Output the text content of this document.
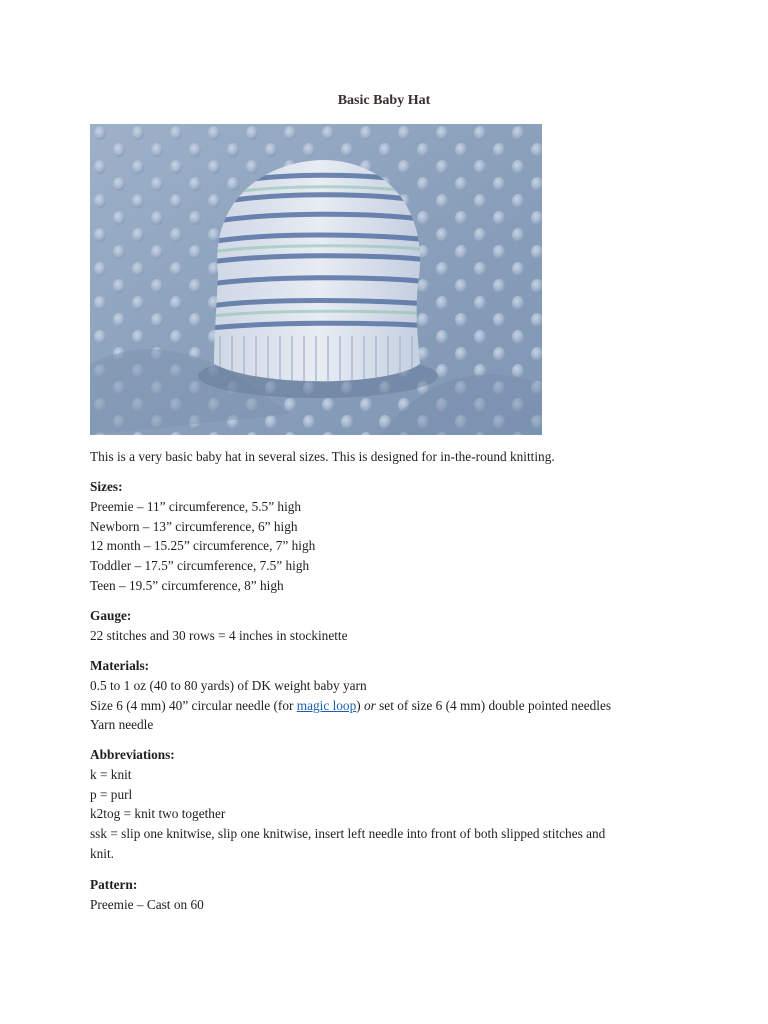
Basic Baby Hat

This is a very basic baby hat in several sizes. This is designed for in-the-round knitting.

Sizes:

Preemie – 11” circumference, 5.5” high

Newborn – 13” circumference, 6” high

12 month – 15.25” circumference, 7” high

Toddler – 17.5” circumference, 7.5” high

Teen – 19.5” circumference, 8” high

Gauge:

22 stitches and 30 rows = 4 inches in stockinette

Materials:

0.5 to 1 oz (40 to 80 yards) of DK weight baby yarn

Size 6 (4 mm) 40” circular needle (for magic loop) or set of size 6 (4 mm) double pointed needles

Yarn needle

Abbreviations:

k = knit

p = purl

k2tog = knit two together

ssk = slip one knitwise, slip one knitwise, insert left needle into front of both slipped stitches and

knit.

Pattern:

Preemie – Cast on 60
